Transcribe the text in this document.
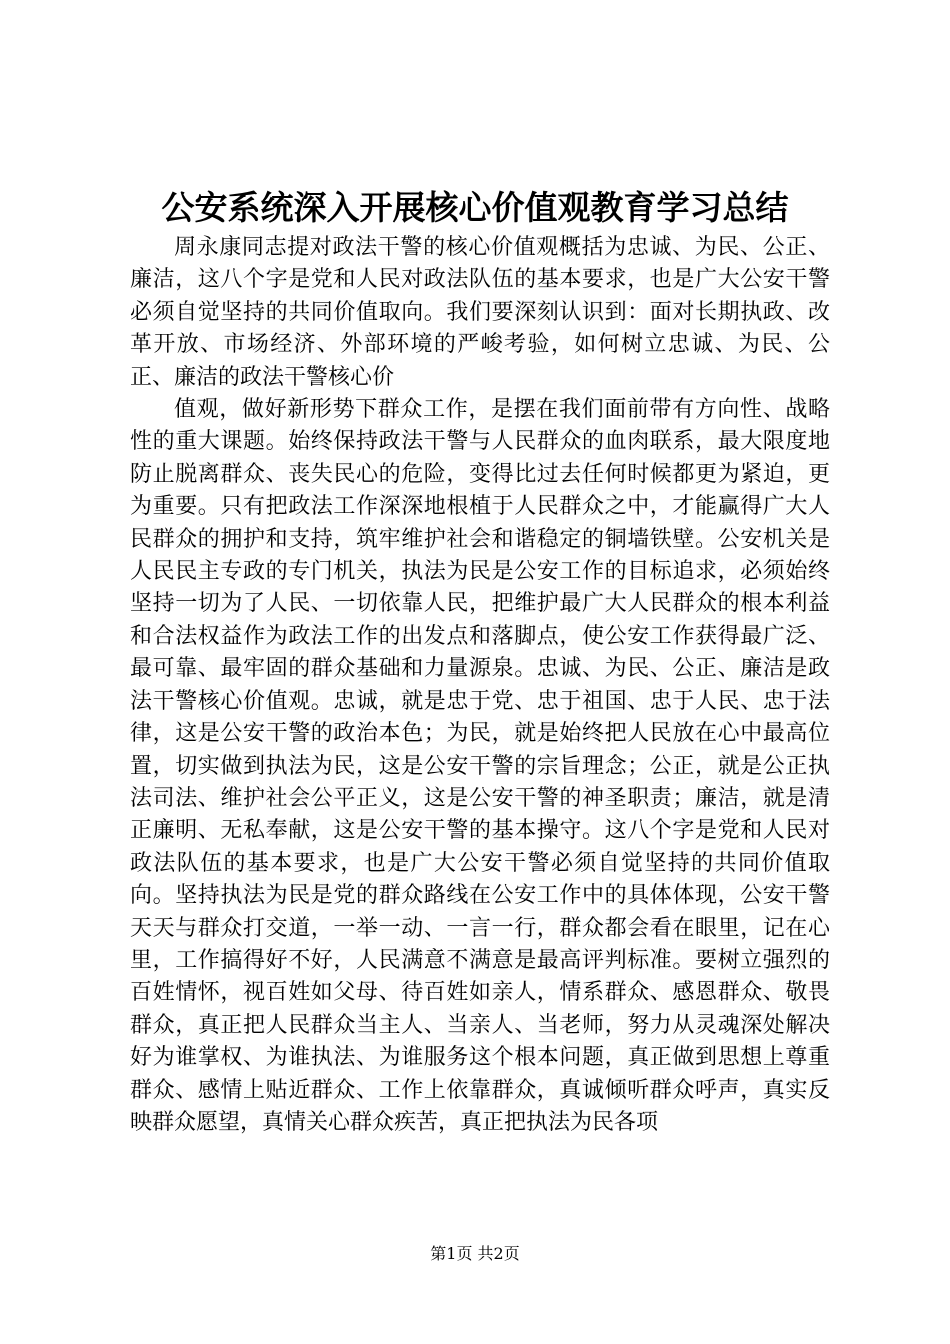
公安系统深入开展核心价值观教育学习总结

周永康同志提对政法干警的核心价值观概括为忠诚、为民、公正、廉洁，这八个字是党和人民对政法队伍的基本要求，也是广大公安干警必须自觉坚持的共同价值取向。我们要深刻认识到：面对长期执政、改革开放、市场经济、外部环境的严峻考验，如何树立忠诚、为民、公正、廉洁的政法干警核心价

值观，做好新形势下群众工作，是摆在我们面前带有方向性、战略性的重大课题。始终保持政法干警与人民群众的血肉联系，最大限度地防止脱离群众、丧失民心的危险，变得比过去任何时候都更为紧迫，更为重要。只有把政法工作深深地根植于人民群众之中，才能赢得广大人民群众的拥护和支持，筑牢维护社会和谐稳定的铜墙铁壁。公安机关是人民民主专政的专门机关，执法为民是公安工作的目标追求，必须始终坚持一切为了人民、一切依靠人民，把维护最广大人民群众的根本利益和合法权益作为政法工作的出发点和落脚点，使公安工作获得最广泛、最可靠、最牢固的群众基础和力量源泉。忠诚、为民、公正、廉洁是政法干警核心价值观。忠诚，就是忠于党、忠于祖国、忠于人民、忠于法律，这是公安干警的政治本色；为民，就是始终把人民放在心中最高位置，切实做到执法为民，这是公安干警的宗旨理念；公正，就是公正执法司法、维护社会公平正义，这是公安干警的神圣职责；廉洁，就是清正廉明、无私奉献，这是公安干警的基本操守。这八个字是党和人民对政法队伍的基本要求，也是广大公安干警必须自觉坚持的共同价值取向。坚持执法为民是党的群众路线在公安工作中的具体体现，公安干警天天与群众打交道，一举一动、一言一行，群众都会看在眼里，记在心里，工作搞得好不好，人民满意不满意是最高评判标准。要树立强烈的百姓情怀，视百姓如父母、待百姓如亲人，情系群众、感恩群众、敬畏群众，真正把人民群众当主人、当亲人、当老师，努力从灵魂深处解决好为谁掌权、为谁执法、为谁服务这个根本问题，真正做到思想上尊重群众、感情上贴近群众、工作上依靠群众，真诚倾听群众呼声，真实反映群众愿望，真情关心群众疾苦，真正把执法为民各项

第1页 共2页
